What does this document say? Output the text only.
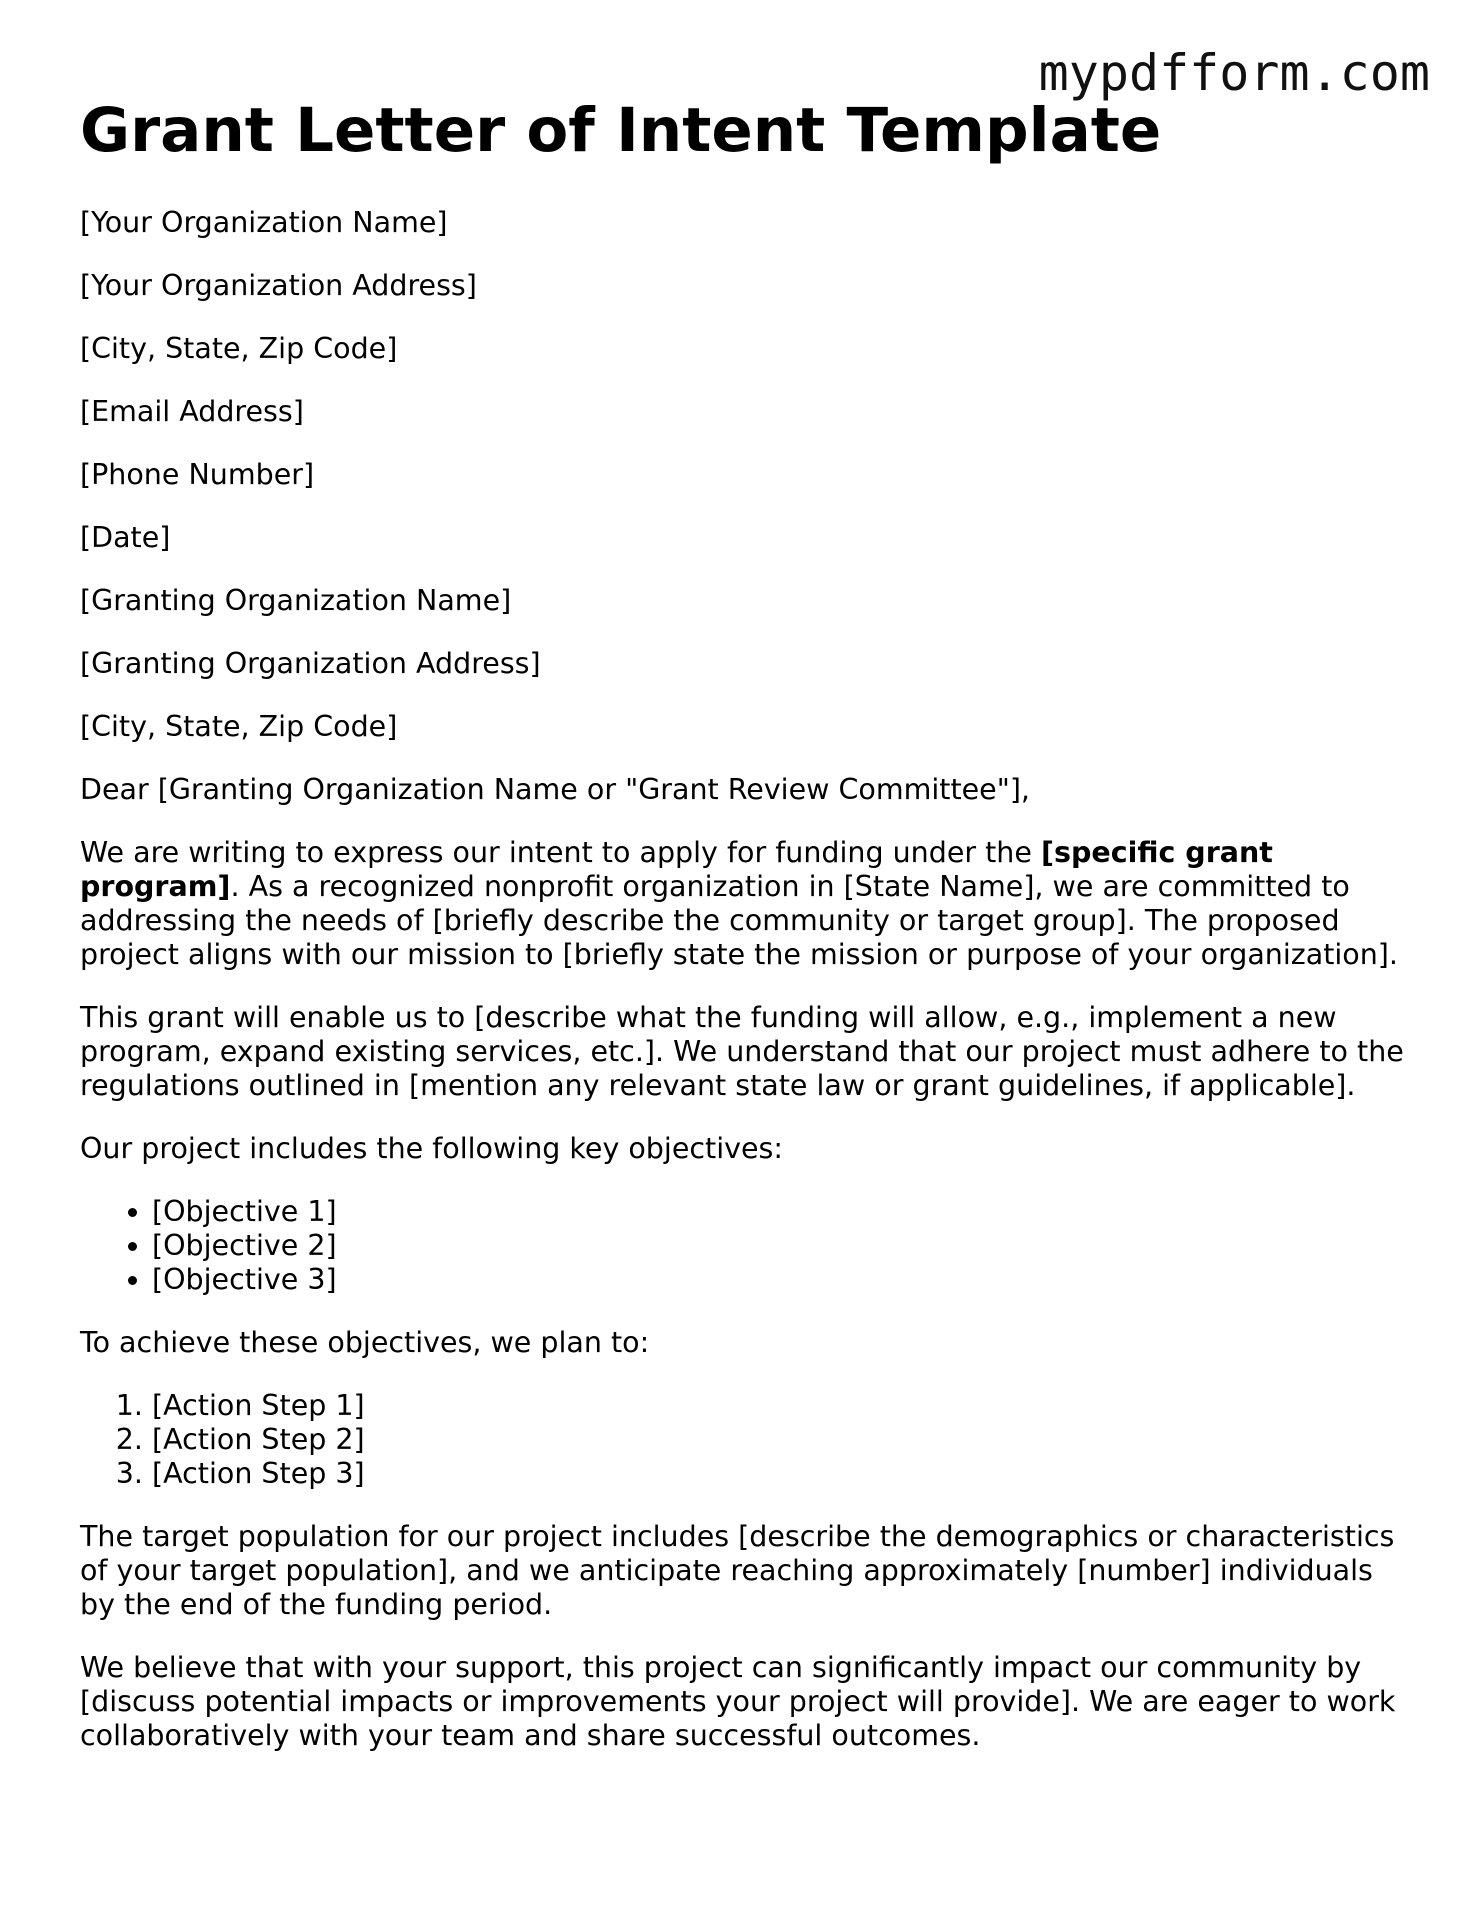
mypdfform.com
Grant Letter of Intent Template

[Your Organization Name]

[Your Organization Address]

[City, State, Zip Code]

[Email Address]

[Phone Number]

[Date]

[Granting Organization Name]

[Granting Organization Address]

[City, State, Zip Code]

Dear [Granting Organization Name or "Grant Review Committee"],

We are writing to express our intent to apply for funding under the [specific grant program]. As a recognized nonprofit organization in [State Name], we are committed to addressing the needs of [briefly describe the community or target group]. The proposed project aligns with our mission to [briefly state the mission or purpose of your organization].

This grant will enable us to [describe what the funding will allow, e.g., implement a new program, expand existing services, etc.]. We understand that our project must adhere to the regulations outlined in [mention any relevant state law or grant guidelines, if applicable].

Our project includes the following key objectives:

• [Objective 1]
• [Objective 2]
• [Objective 3]

To achieve these objectives, we plan to:

1. [Action Step 1]
2. [Action Step 2]
3. [Action Step 3]

The target population for our project includes [describe the demographics or characteristics of your target population], and we anticipate reaching approximately [number] individuals by the end of the funding period.

We believe that with your support, this project can significantly impact our community by [discuss potential impacts or improvements your project will provide]. We are eager to work collaboratively with your team and share successful outcomes.
